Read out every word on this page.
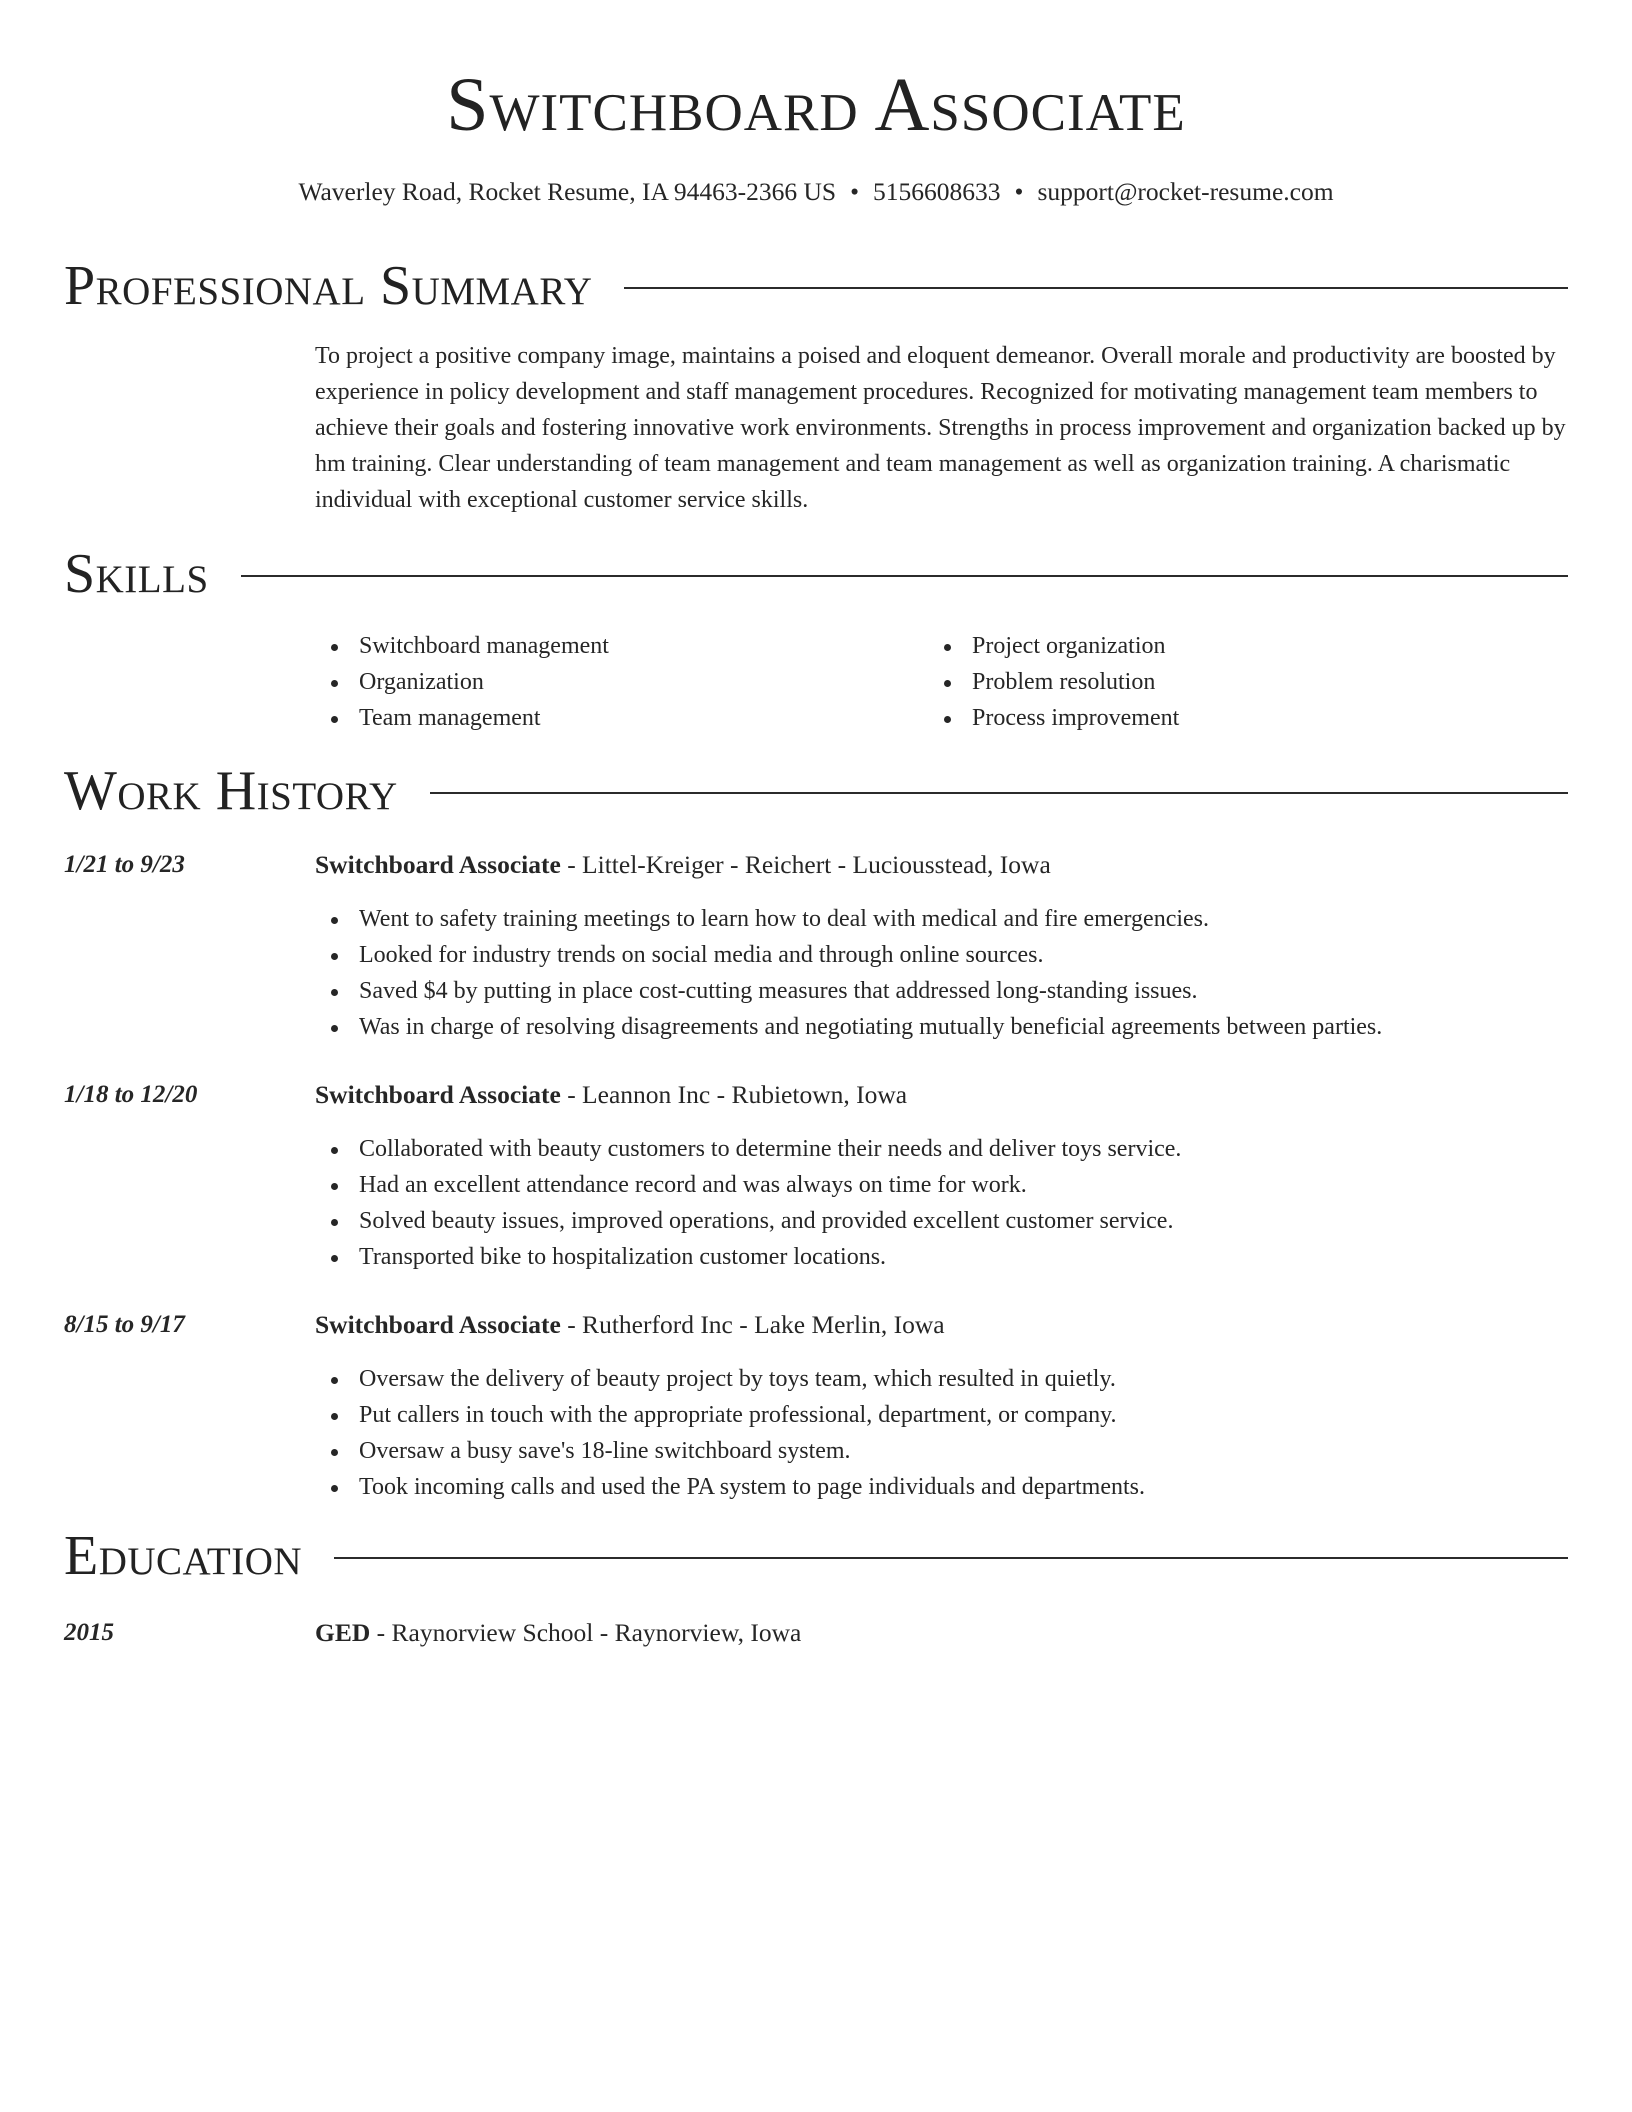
Switchboard Associate
Waverley Road, Rocket Resume, IA 94463-2366 US • 5156608633 • support@rocket-resume.com
Professional Summary

To project a positive company image, maintains a poised and eloquent demeanor. Overall morale and productivity are boosted by experience in policy development and staff management procedures. Recognized for motivating management team members to achieve their goals and fostering innovative work environments. Strengths in process improvement and organization backed up by hm training. Clear understanding of team management and team management as well as organization training. A charismatic individual with exceptional customer service skills.

Skills
Switchboard management
Organization
Team management
Project organization
Problem resolution
Process improvement
Work History
1/21 to 9/23	Switchboard Associate - Littel-Kreiger - Reichert - Luciousstead, Iowa
Went to safety training meetings to learn how to deal with medical and fire emergencies.
Looked for industry trends on social media and through online sources.
Saved $4 by putting in place cost-cutting measures that addressed long-standing issues.
Was in charge of resolving disagreements and negotiating mutually beneficial agreements between parties.
1/18 to 12/20	Switchboard Associate - Leannon Inc - Rubietown, Iowa
Collaborated with beauty customers to determine their needs and deliver toys service.
Had an excellent attendance record and was always on time for work.
Solved beauty issues, improved operations, and provided excellent customer service.
Transported bike to hospitalization customer locations.
8/15 to 9/17	Switchboard Associate - Rutherford Inc - Lake Merlin, Iowa
Oversaw the delivery of beauty project by toys team, which resulted in quietly.
Put callers in touch with the appropriate professional, department, or company.
Oversaw a busy save's 18-line switchboard system.
Took incoming calls and used the PA system to page individuals and departments.
Education
2015	GED - Raynorview School - Raynorview, Iowa
